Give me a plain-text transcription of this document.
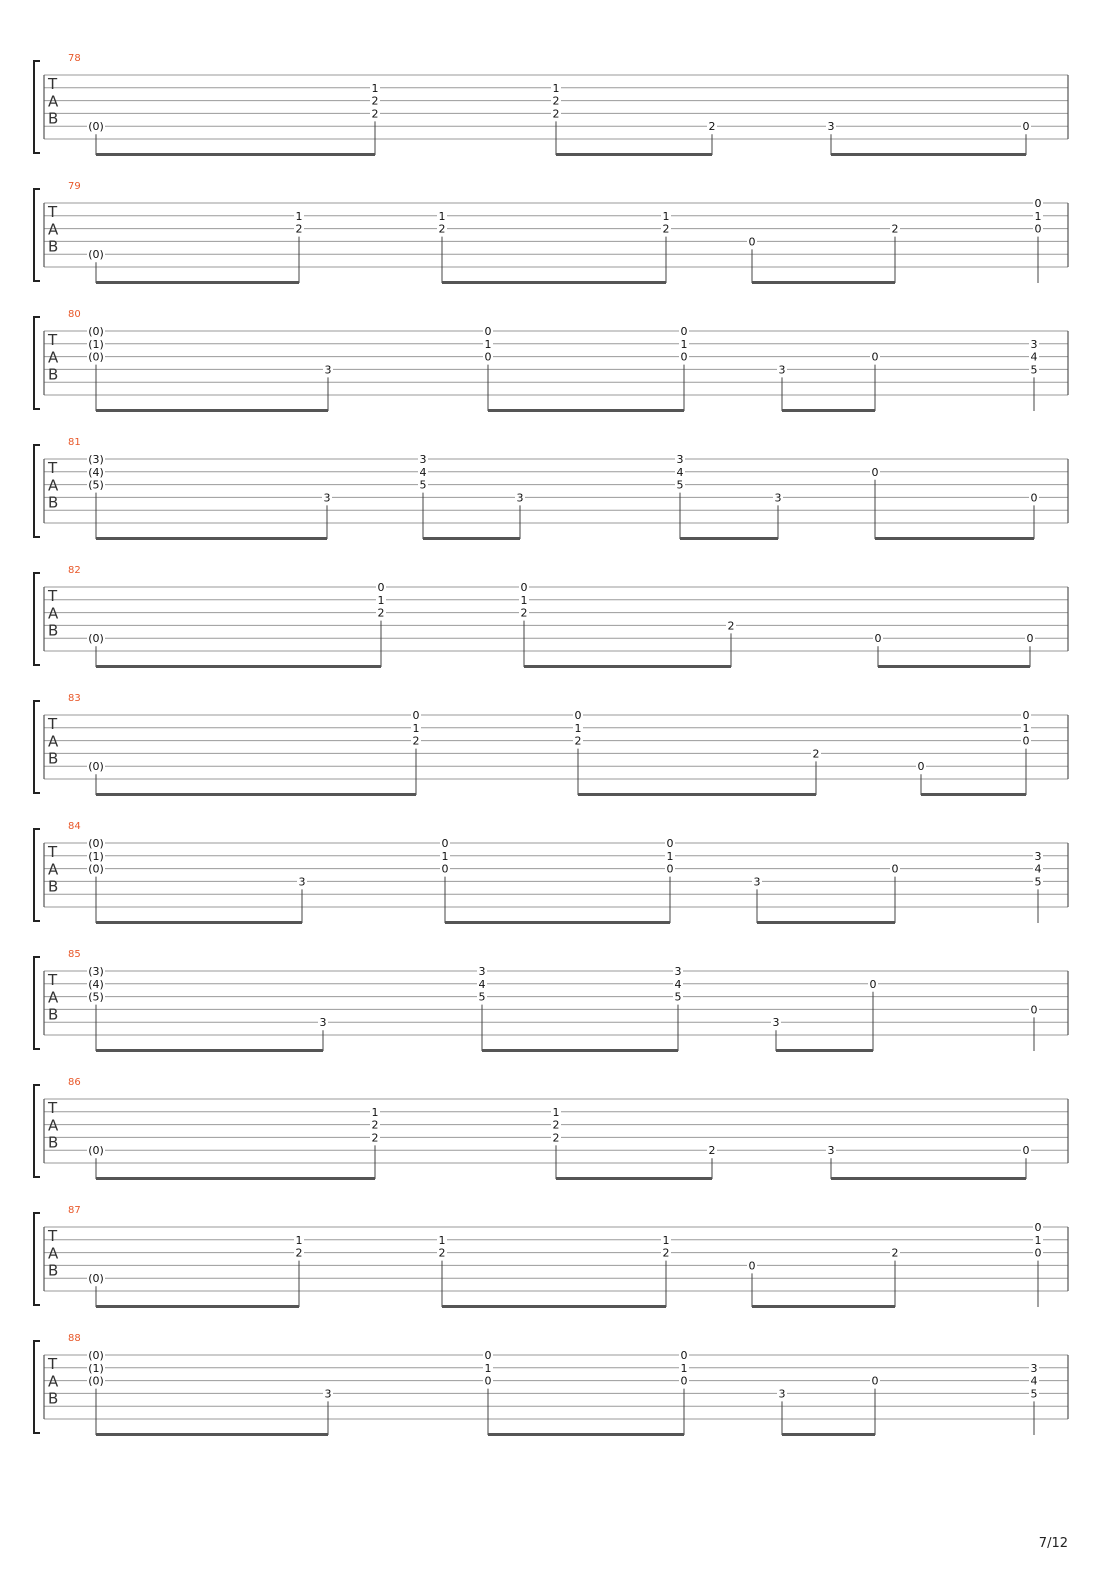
T
A
B
78
(0)
1
2
2
1
2
2
2	3	0
T
A
B
79
(0)
1
2
1
2
1
2
0
2
0
1
0
T
A
B
80
(0)
(1)
(0)
3
0
1
0
0
1
0
3
0
3
4
5
T
A
B
81
(3)
(4)
(5)
3
3
4
5
3
3
4
5
3
0
0
T
A
B
82
(0)
0
1
2
0
1
2
2
0	0
T
A
B
83
(0)
0
1
2
0
1
2
2
0
0
1
0
T
A
B
84
(0)
(1)
(0)
3
0
1
0
0
1
0
3
0
3
4
5
T
A
B
85
(3)
(4)
(5)
3
3
4
5
3
4
5
3
0
0
T
A
B
86
(0)
1
2
2
1
2
2
2	3	0
T
A
B
87
(0)
1
2
1
2
1
2
0
2
0
1
0
T
A
B
88
(0)
(1)
(0)
3
0
1
0
0
1
0
3
0
3
4
5
7/12
